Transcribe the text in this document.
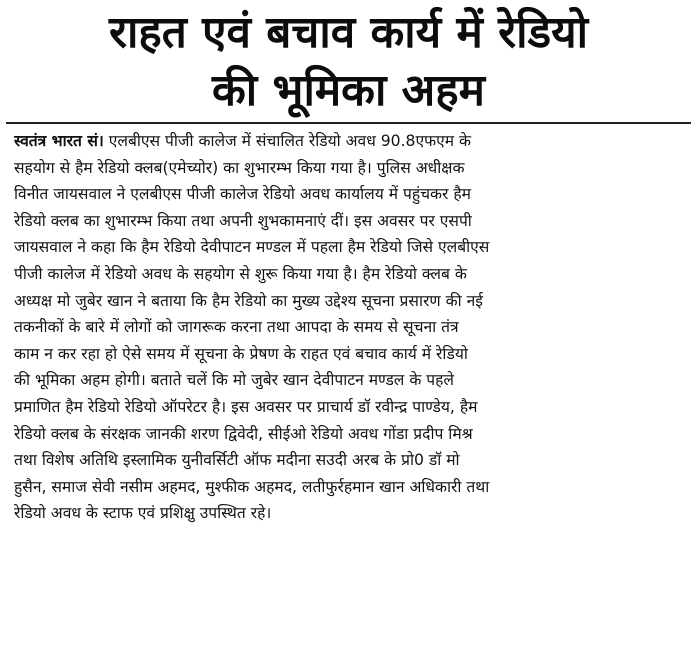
राहत एवं बचाव कार्य में रेडियो
की भूमिका अहम
स्वतंत्र भारत सं। एलबीएस पीजी कालेज में संचालित रेडियो अवध 90.8एफएम के
सहयोग से हैम रेडियो क्लब(एमेच्योर) का शुभारम्भ किया गया है। पुलिस अधीक्षक
विनीत जायसवाल ने एलबीएस पीजी कालेज रेडियो अवध कार्यालय में पहुंचकर हैम
रेडियो क्लब का शुभारम्भ किया तथा अपनी शुभकामनाएं दीं। इस अवसर पर एसपी
जायसवाल ने कहा कि हैम रेडियो देवीपाटन मण्डल में पहला हैम रेडियो जिसे एलबीएस
पीजी कालेज में रेडियो अवध के सहयोग से शुरू किया गया है। हैम रेडियो क्लब के
अध्यक्ष मो जुबेर खान ने बताया कि हैम रेडियो का मुख्य उद्देश्य सूचना प्रसारण की नई
तकनीकों के बारे में लोगों को जागरूक करना तथा आपदा के समय से सूचना तंत्र
काम न कर रहा हो ऐसे समय में सूचना के प्रेषण के राहत एवं बचाव कार्य में रेडियो
की भूमिका अहम होगी। बताते चलें कि मो जुबेर खान देवीपाटन मण्डल के पहले
प्रमाणित हैम रेडियो रेडियो ऑपरेटर है। इस अवसर पर प्राचार्य डॉ रवीन्द्र पाण्डेय, हैम
रेडियो क्लब के संरक्षक जानकी शरण द्विवेदी, सीईओ रेडियो अवध गोंडा प्रदीप मिश्र
तथा विशेष अतिथि इस्लामिक युनीवर्सिटी ऑफ मदीना सउदी अरब के प्रो0 डॉ मो
हुसैन, समाज सेवी नसीम अहमद, मुश्फीक अहमद, लतीफुर्रहमान खान अधिकारी तथा
रेडियो अवध के स्टाफ एवं प्रशिक्षु उपस्थित रहे।
